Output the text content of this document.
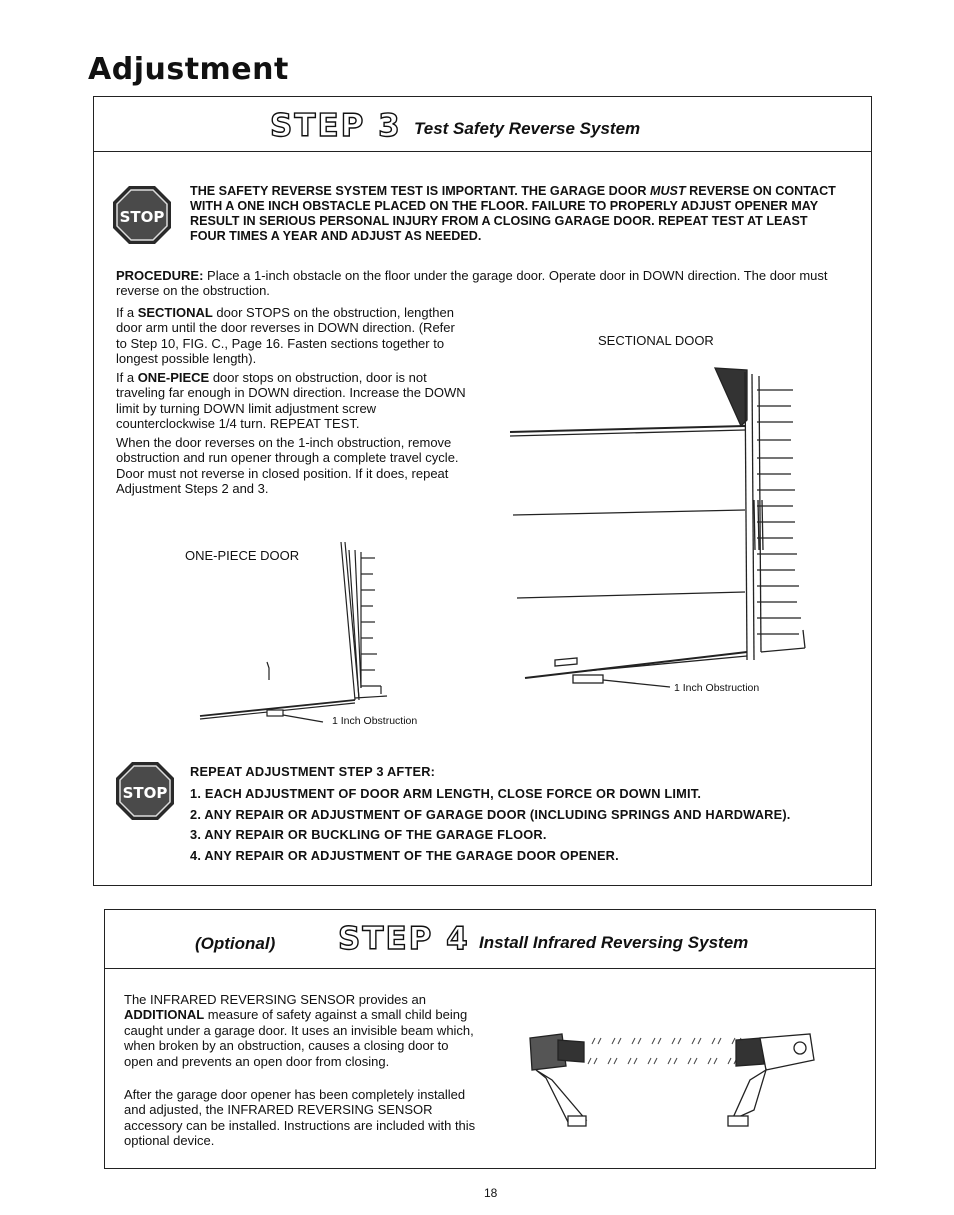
Adjustment
STEP 3 Test Safety Reverse System
STOP
THE SAFETY REVERSE SYSTEM TEST IS IMPORTANT. THE GARAGE DOOR MUST REVERSE ON CONTACT WITH A ONE INCH OBSTACLE PLACED ON THE FLOOR. FAILURE TO PROPERLY ADJUST OPENER MAY RESULT IN SERIOUS PERSONAL INJURY FROM A CLOSING GARAGE DOOR. REPEAT TEST AT LEAST FOUR TIMES A YEAR AND ADJUST AS NEEDED.
PROCEDURE: Place a 1-inch obstacle on the floor under the garage door. Operate door in DOWN direction. The door must reverse on the obstruction.
If a SECTIONAL door STOPS on the obstruction, lengthen door arm until the door reverses in DOWN direction. (Refer to Step 10, FIG. C., Page 16. Fasten sections together to longest possible length).
If a ONE-PIECE door stops on obstruction, door is not traveling far enough in DOWN direction. Increase the DOWN limit by turning DOWN limit adjustment screw counterclockwise 1/4 turn. REPEAT TEST.
When the door reverses on the 1-inch obstruction, remove obstruction and run opener through a complete travel cycle. Door must not reverse in closed position. If it does, repeat Adjustment Steps 2 and 3.
SECTIONAL DOOR
1 Inch Obstruction
ONE-PIECE DOOR
1 Inch Obstruction
STOP
REPEAT ADJUSTMENT STEP 3 AFTER:
1. EACH ADJUSTMENT OF DOOR ARM LENGTH, CLOSE FORCE OR DOWN LIMIT.
2. ANY REPAIR OR ADJUSTMENT OF GARAGE DOOR (INCLUDING SPRINGS AND HARDWARE).
3. ANY REPAIR OR BUCKLING OF THE GARAGE FLOOR.
4. ANY REPAIR OR ADJUSTMENT OF THE GARAGE DOOR OPENER.
(Optional) STEP 4 Install Infrared Reversing System
The INFRARED REVERSING SENSOR provides an ADDITIONAL measure of safety against a small child being caught under a garage door. It uses an invisible beam which, when broken by an obstruction, causes a closing door to open and prevents an open door from closing.
After the garage door opener has been completely installed and adjusted, the INFRARED REVERSING SENSOR accessory can be installed. Instructions are included with this optional device.
18
